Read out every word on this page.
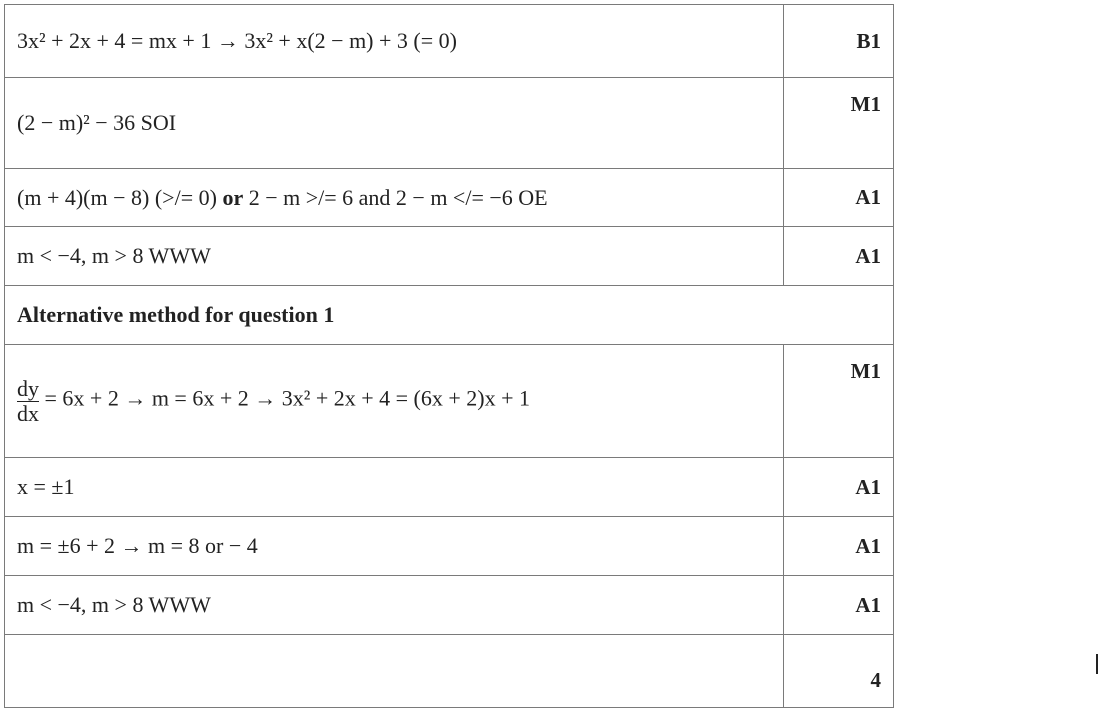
3x² + 2x + 4 = mx + 1 → 3x² + x(2 − m) + 3 (= 0)	B1
(2 − m)² − 36 SOI	M1
(m + 4)(m − 8) (>/= 0) or 2 − m >/= 6 and 2 − m </= −6 OE	A1
m < −4, m > 8 WWW	A1
Alternative method for question 1	

$\frac{dy}{dx} = 6x + 2 \to m = 6x + 2 \to 3x^2 + 2x + 4 = (6x + 2)x + 1$	M1
x = ±1	A1
m = ±6 + 2 → m = 8 or − 4	A1
m < −4, m > 8 WWW	A1
	4
